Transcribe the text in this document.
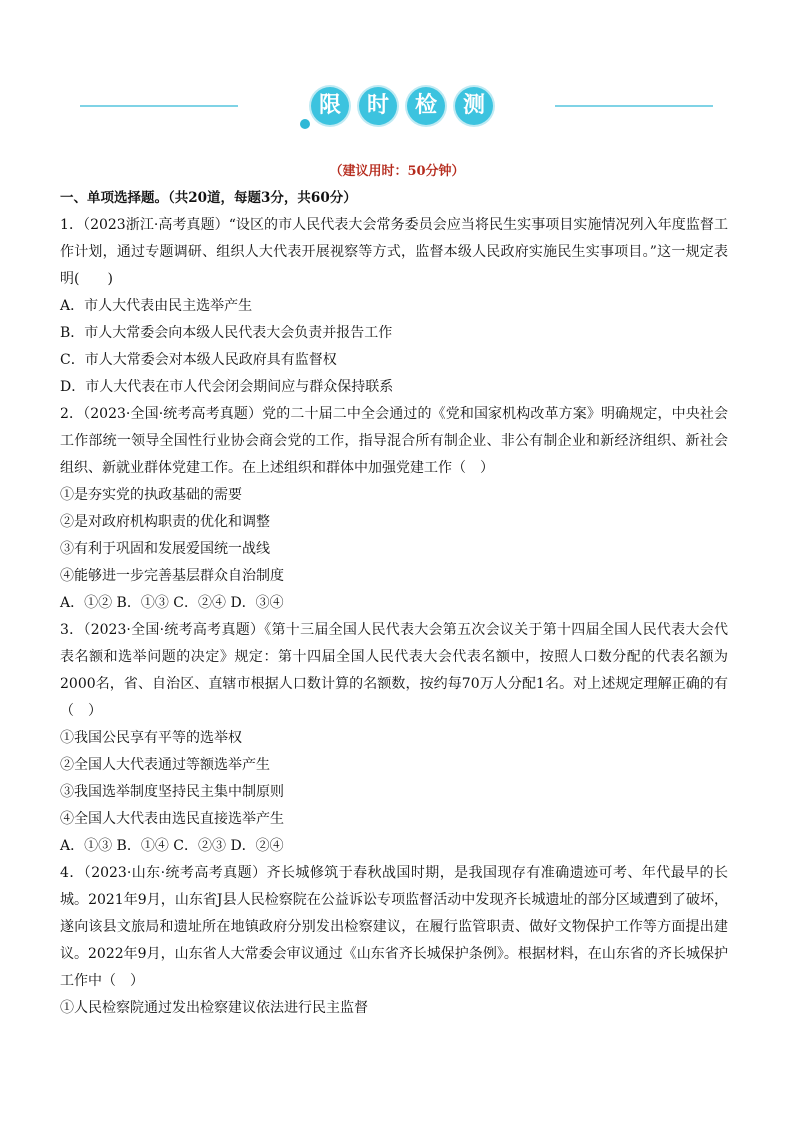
限	时	检	测
（建议用时：50分钟）
一、单项选择题。（共20道，每题3分，共60分）
1．（2023浙江·高考真题）“设区的市人民代表大会常务委员会应当将民生实事项目实施情况列入年度监督工作计划，通过专题调研、组织人大代表开展视察等方式，监督本级人民政府实施民生实事项目。”这一规定表明(　　)
A．市人大代表由民主选举产生
B．市人大常委会向本级人民代表大会负责并报告工作
C．市人大常委会对本级人民政府具有监督权
D．市人大代表在市人代会闭会期间应与群众保持联系
2．（2023·全国·统考高考真题）党的二十届二中全会通过的《党和国家机构改革方案》明确规定，中央社会工作部统一领导全国性行业协会商会党的工作，指导混合所有制企业、非公有制企业和新经济组织、新社会组织、新就业群体党建工作。在上述组织和群体中加强党建工作（　）
①是夯实党的执政基础的需要
②是对政府机构职责的优化和调整
③有利于巩固和发展爱国统一战线
④能够进一步完善基层群众自治制度
A．①② B．①③ C．②④ D．③④
3．（2023·全国·统考高考真题）《第十三届全国人民代表大会第五次会议关于第十四届全国人民代表大会代表名额和选举问题的决定》规定：第十四届全国人民代表大会代表名额中，按照人口数分配的代表名额为2000名，省、自治区、直辖市根据人口数计算的名额数，按约每70万人分配1名。对上述规定理解正确的有（　）
①我国公民享有平等的选举权
②全国人大代表通过等额选举产生
③我国选举制度坚持民主集中制原则
④全国人大代表由选民直接选举产生
A．①③ B．①④ C．②③ D．②④
4．（2023·山东·统考高考真题）齐长城修筑于春秋战国时期，是我国现存有准确遗迹可考、年代最早的长城。2021年9月，山东省J县人民检察院在公益诉讼专项监督活动中发现齐长城遗址的部分区域遭到了破坏，遂向该县文旅局和遗址所在地镇政府分别发出检察建议，在履行监管职责、做好文物保护工作等方面提出建议。2022年9月，山东省人大常委会审议通过《山东省齐长城保护条例》。根据材料，在山东省的齐长城保护工作中（　）
①人民检察院通过发出检察建议依法进行民主监督
